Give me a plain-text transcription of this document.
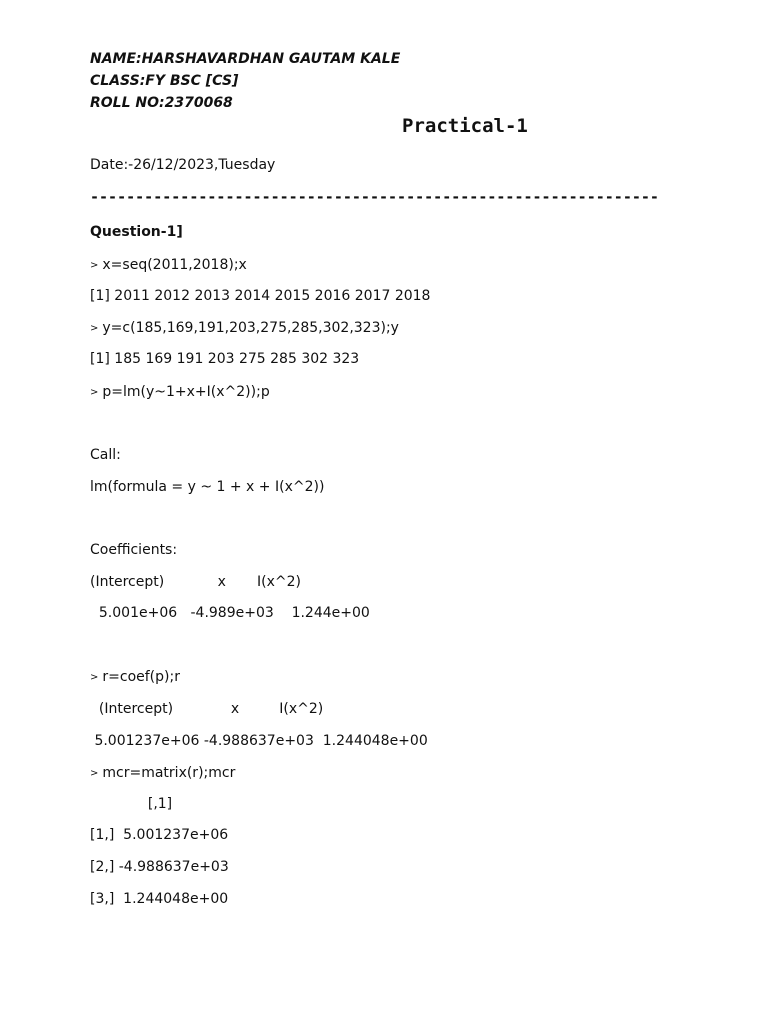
NAME:HARSHAVARDHAN GAUTAM KALE
CLASS:FY BSC [CS]
ROLL NO:2370068
Practical-1
Date:-26/12/2023,Tuesday
---------------------------------------------------------------
Question-1]
> x=seq(2011,2018);x
[1] 2011 2012 2013 2014 2015 2016 2017 2018
> y=c(185,169,191,203,275,285,302,323);y
[1] 185 169 191 203 275 285 302 323
> p=lm(y~1+x+I(x^2));p
Call:
lm(formula = y ~ 1 + x + I(x^2))
Coefficients:
(Intercept)            x       I(x^2)
5.001e+06   -4.989e+03    1.244e+00
> r=coef(p);r
(Intercept)             x         I(x^2)
5.001237e+06 -4.988637e+03  1.244048e+00
> mcr=matrix(r);mcr
[,1]
[1,]  5.001237e+06
[2,] -4.988637e+03
[3,]  1.244048e+00
